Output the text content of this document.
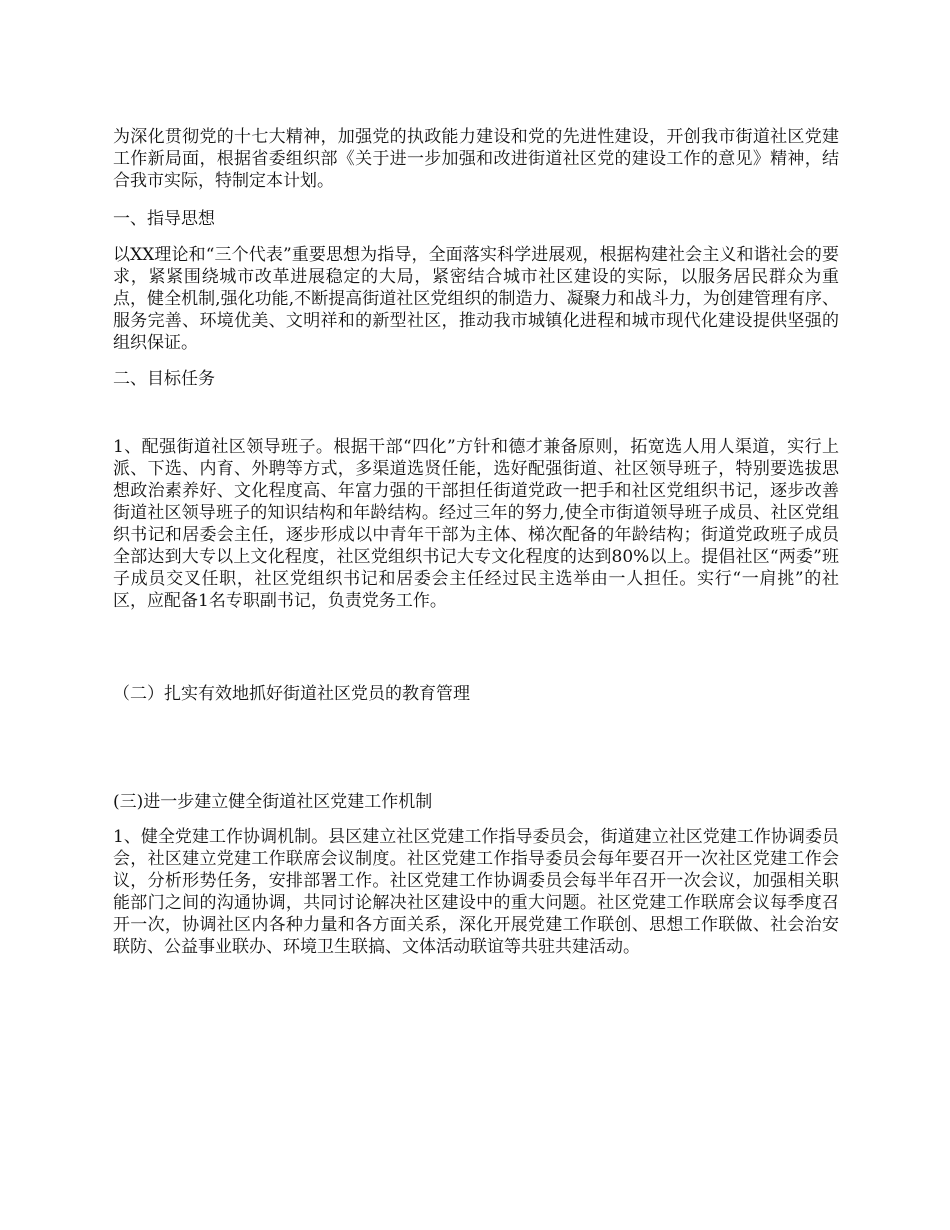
为深化贯彻党的十七大精神，加强党的执政能力建设和党的先进性建设，开创我市街道社区党建工作新局面，根据省委组织部《关于进一步加强和改进街道社区党的建设工作的意见》精神，结合我市实际，特制定本计划。

一、指导思想

以XX理论和“三个代表”重要思想为指导，全面落实科学进展观，根据构建社会主义和谐社会的要求，紧紧围绕城市改革进展稳定的大局，紧密结合城市社区建设的实际，以服务居民群众为重点，健全机制,强化功能,不断提高街道社区党组织的制造力、凝聚力和战斗力，为创建管理有序、服务完善、环境优美、文明祥和的新型社区，推动我市城镇化进程和城市现代化建设提供坚强的组织保证。

二、目标任务

1、配强街道社区领导班子。根据干部“四化”方针和德才兼备原则，拓宽选人用人渠道，实行上派、下选、内育、外聘等方式，多渠道选贤任能，选好配强街道、社区领导班子，特别要选拔思想政治素养好、文化程度高、年富力强的干部担任街道党政一把手和社区党组织书记，逐步改善街道社区领导班子的知识结构和年龄结构。经过三年的努力,使全市街道领导班子成员、社区党组织书记和居委会主任，逐步形成以中青年干部为主体、梯次配备的年龄结构；街道党政班子成员全部达到大专以上文化程度，社区党组织书记大专文化程度的达到80%以上。提倡社区“两委”班子成员交叉任职，社区党组织书记和居委会主任经过民主选举由一人担任。实行“一肩挑”的社区，应配备1名专职副书记，负责党务工作。

（二）扎实有效地抓好街道社区党员的教育管理

(三)进一步建立健全街道社区党建工作机制

1、健全党建工作协调机制。县区建立社区党建工作指导委员会，街道建立社区党建工作协调委员会，社区建立党建工作联席会议制度。社区党建工作指导委员会每年要召开一次社区党建工作会议，分析形势任务，安排部署工作。社区党建工作协调委员会每半年召开一次会议，加强相关职能部门之间的沟通协调，共同讨论解决社区建设中的重大问题。社区党建工作联席会议每季度召开一次，协调社区内各种力量和各方面关系，深化开展党建工作联创、思想工作联做、社会治安联防、公益事业联办、环境卫生联搞、文体活动联谊等共驻共建活动。
